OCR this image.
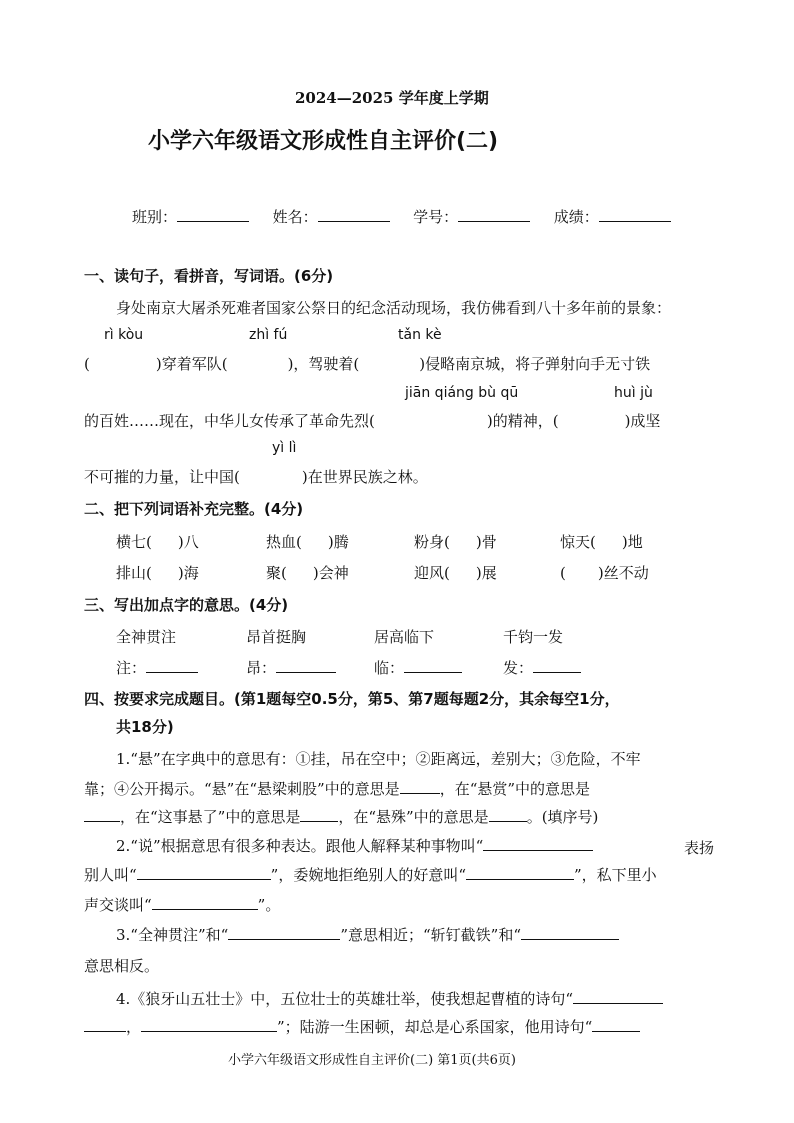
2024—2025 学年度上学期
小学六年级语文形成性自主评价(二)
班别：	姓名：	学号：	成绩：
一、读句子，看拼音，写词语。(6分)
身处南京大屠杀死难者国家公祭日的纪念活动现场，我仿佛看到八十多年前的景象：
rì kòu	zhì fú	tǎn kè
(	)穿着军队(	)，驾驶着(	)侵略南京城，将子弹射向手无寸铁
jiān qiáng bù qū	huì jù
的百姓……现在，中华儿女传承了革命先烈(	)的精神，(	)成坚
yì lì
不可摧的力量，让中国(	)在世界民族之林。
二、把下列词语补充完整。(4分)
横七( )八	热血( )腾	粉身( )骨	惊天( )地
排山( )海	聚( )会神	迎风( )展	( )丝不动
三、写出加点字的意思。(4分)
全神贯注	昂首挺胸	居高临下	千钧一发
注：	昂：	临：	发：
四、按要求完成题目。(第1题每空0.5分，第5、第7题每题2分，其余每空1分，
共18分)
1.“悬”在字典中的意思有：①挂，吊在空中；②距离远，差别大；③危险，不牢
靠；④公开揭示。“悬”在“悬梁刺股”中的意思是	，在“悬赏”中的意思是
，在“这事悬了”中的意思是	，在“悬殊”中的意思是	。(填序号)
2.“说”根据意思有很多种表达。跟他人解释某种事物叫“	表扬
别人叫“	”，委婉地拒绝别人的好意叫“	”，私下里小
声交谈叫“	”。
3.“全神贯注”和“	”意思相近；“斩钉截铁”和“
意思相反。
4.《狼牙山五壮士》中，五位壮士的英雄壮举，使我想起曹植的诗句“
，	”；陆游一生困顿，却总是心系国家，他用诗句“
小学六年级语文形成性自主评价(二) 第1页(共6页)
